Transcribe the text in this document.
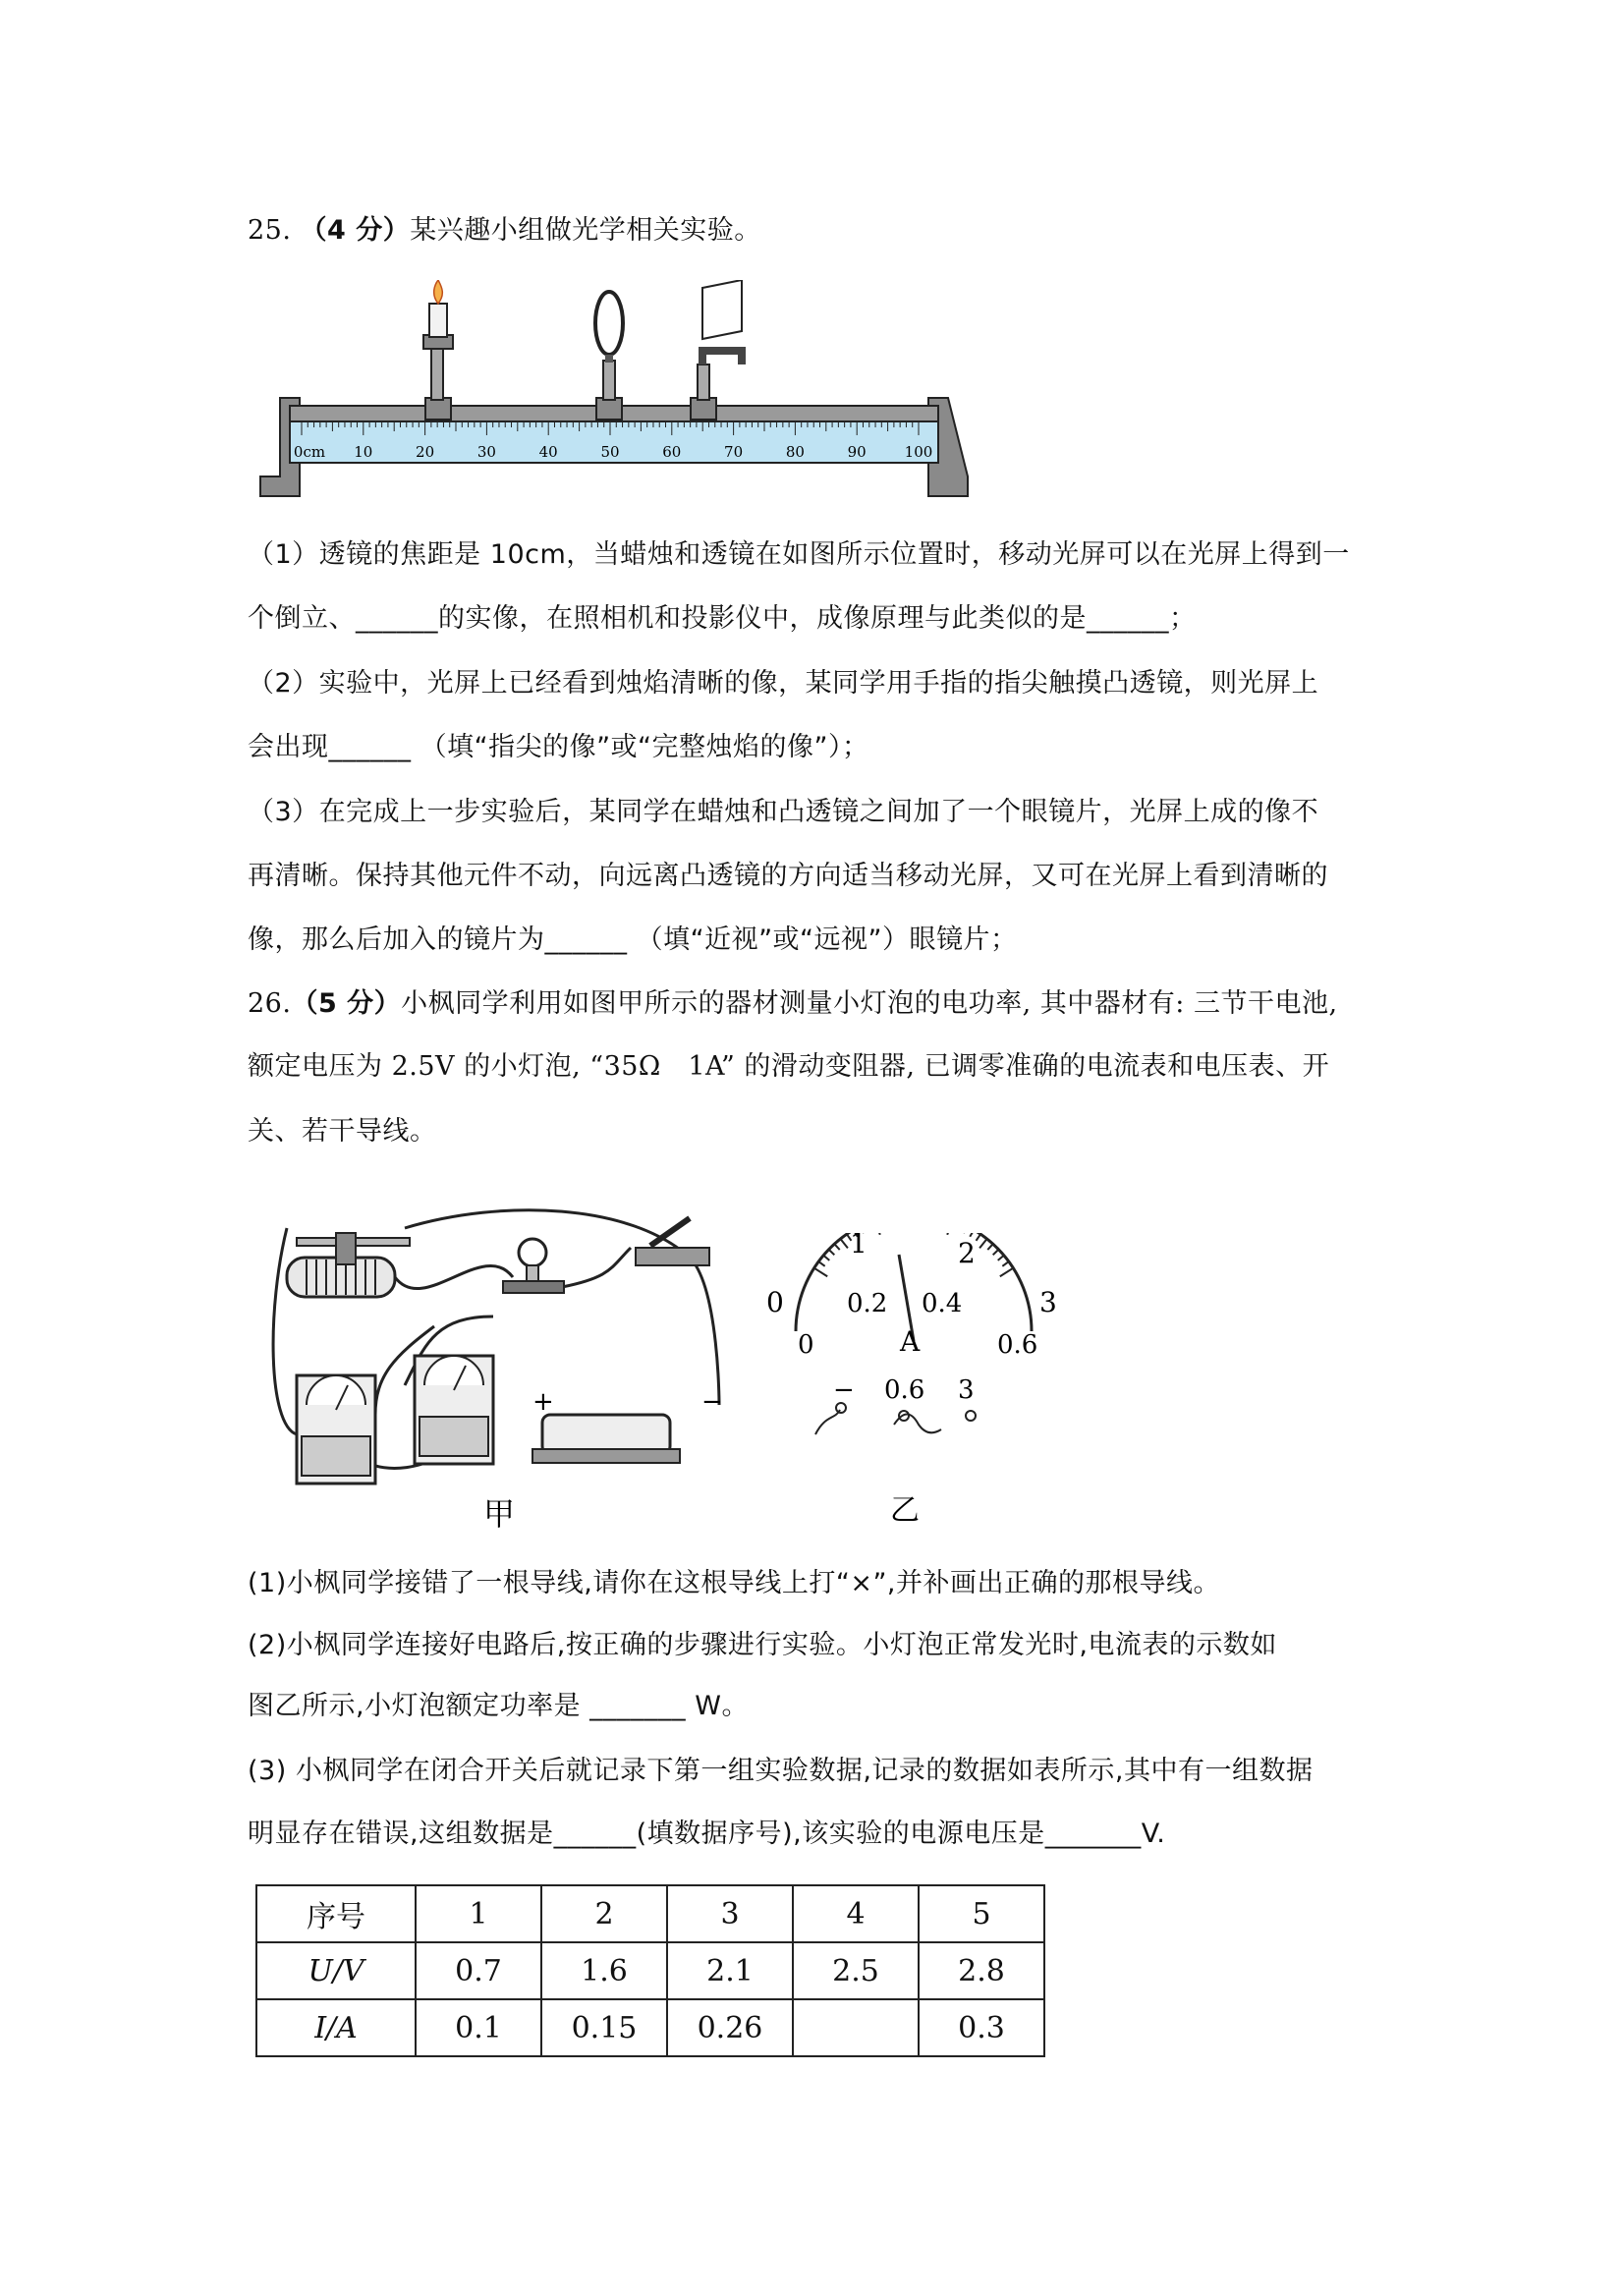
25. （4 分）某兴趣小组做光学相关实验。
0cm 10	20	30	40	50	60	70	80	90	100
（1）透镜的焦距是 10cm，当蜡烛和透镜在如图所示位置时，移动光屏可以在光屏上得到一
个倒立、______的实像，在照相机和投影仪中，成像原理与此类似的是______；
（2）实验中，光屏上已经看到烛焰清晰的像，某同学用手指的指尖触摸凸透镜，则光屏上
会出现______ （填“指尖的像”或“完整烛焰的像”）；
（3）在完成上一步实验后，某同学在蜡烛和凸透镜之间加了一个眼镜片，光屏上成的像不
再清晰。保持其他元件不动，向远离凸透镜的方向适当移动光屏，又可在光屏上看到清晰的
像，那么后加入的镜片为______ （填“近视”或“远视”）眼镜片；
26.（5 分）小枫同学利用如图甲所示的器材测量小灯泡的电功率, 其中器材有: 三节干电池,
额定电压为 2.5V 的小灯泡, “35Ω　1A” 的滑动变阻器, 已调零准确的电流表和电压表、开
关、若干导线。
+	−
甲
0
1	2
3
0
0.2 0.4
0.6
A
− 0.6 3
乙
(1)小枫同学接错了一根导线,请你在这根导线上打“×”,并补画出正确的那根导线。
(2)小枫同学连接好电路后,按正确的步骤进行实验。小灯泡正常发光时,电流表的示数如
图乙所示,小灯泡额定功率是 _______ W。
(3) 小枫同学在闭合开关后就记录下第一组实验数据,记录的数据如表所示,其中有一组数据
明显存在错误,这组数据是______(填数据序号),该实验的电源电压是_______V.
序号	1	2	3	4	5
U/V	0.7	1.6	2.1	2.5	2.8
I/A	0.1	0.15	0.26		0.3
